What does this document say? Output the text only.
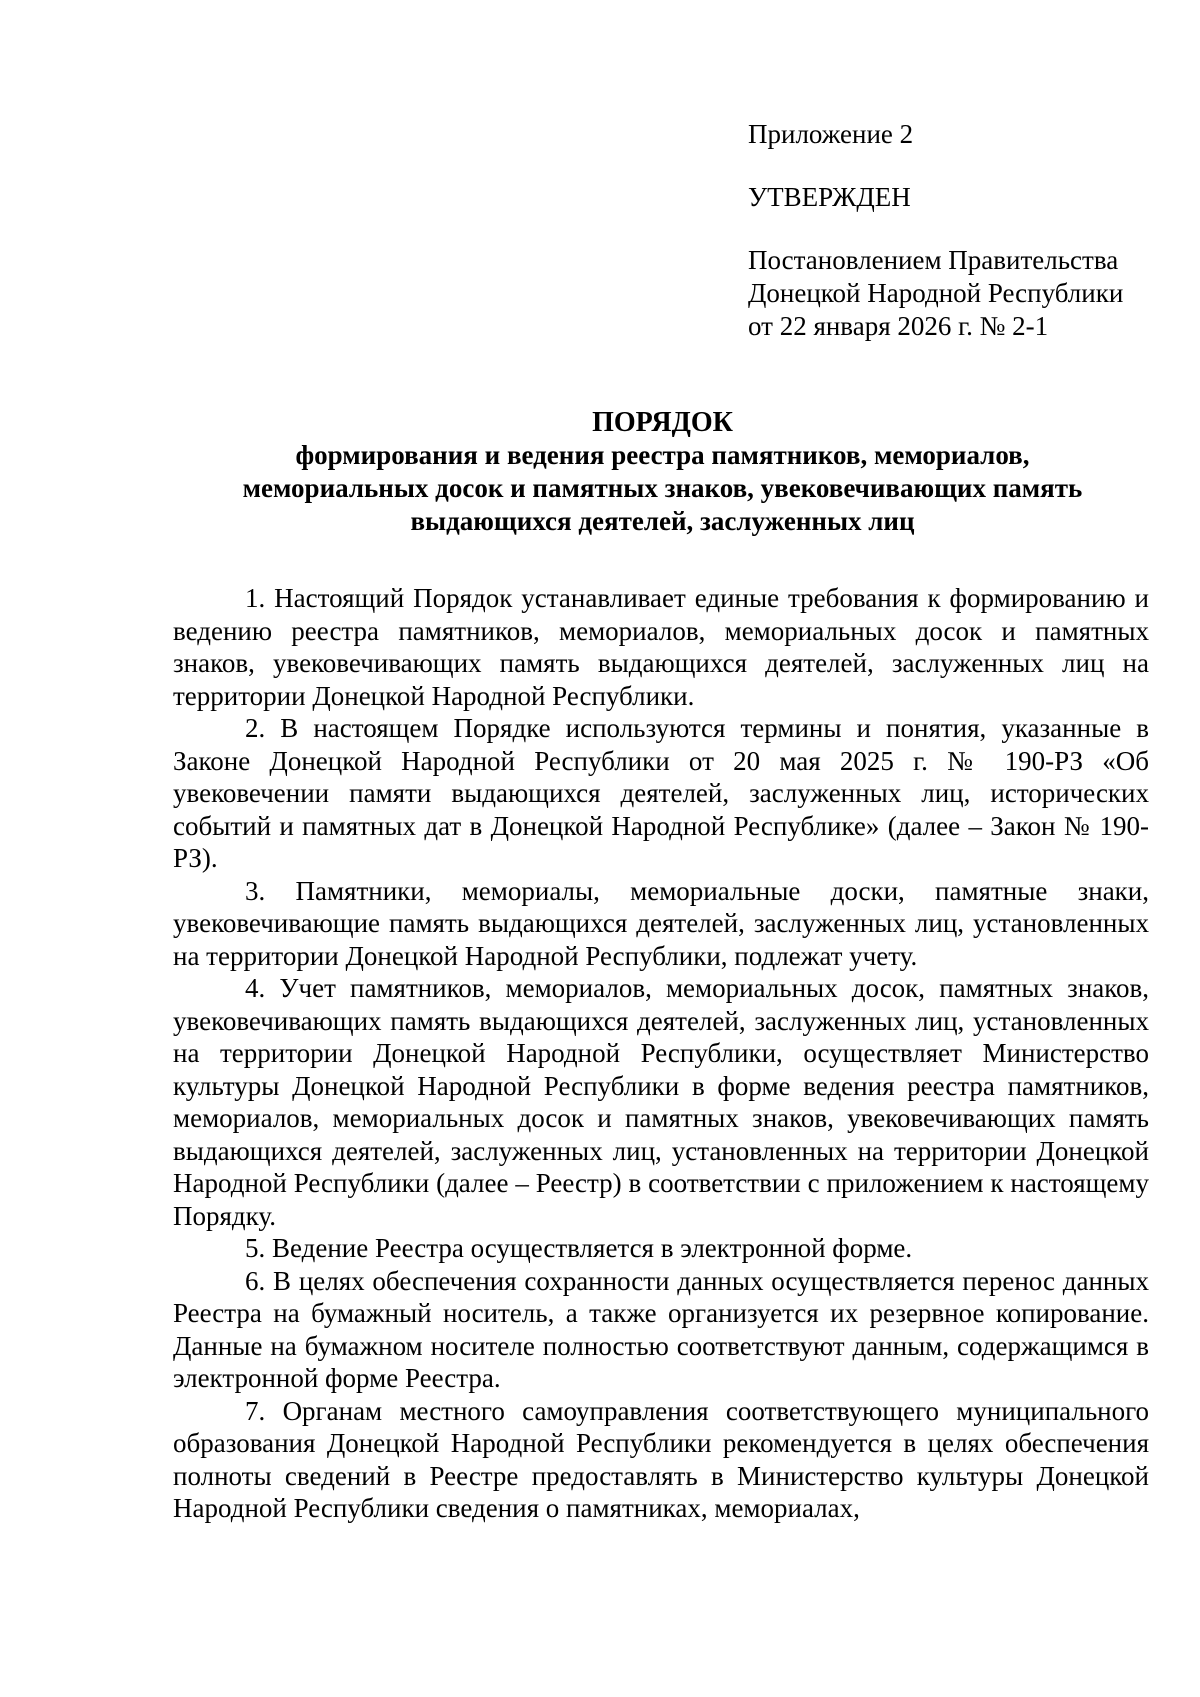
Приложение 2
УТВЕРЖДЕН
Постановлением Правительства
Донецкой Народной Республики
от 22 января 2026 г. № 2-1
ПОРЯДОК
формирования и ведения реестра памятников, мемориалов,
мемориальных досок и памятных знаков, увековечивающих память
выдающихся деятелей, заслуженных лиц

1. Настоящий Порядок устанавливает единые требования к формированию и ведению реестра памятников, мемориалов, мемориальных досок и памятных знаков, увековечивающих память выдающихся деятелей, заслуженных лиц на территории Донецкой Народной Республики.

2. В настоящем Порядке используются термины и понятия, указанные в Законе Донецкой Народной Республики от 20 мая 2025 г. № 190-РЗ «Об увековечении памяти выдающихся деятелей, заслуженных лиц, исторических событий и памятных дат в Донецкой Народной Республике» (далее – Закон № 190-РЗ).

3. Памятники, мемориалы, мемориальные доски, памятные знаки, увековечивающие память выдающихся деятелей, заслуженных лиц, установленных на территории Донецкой Народной Республики, подлежат учету.

4. Учет памятников, мемориалов, мемориальных досок, памятных знаков, увековечивающих память выдающихся деятелей, заслуженных лиц, установленных на территории Донецкой Народной Республики, осуществляет Министерство культуры Донецкой Народной Республики в форме ведения реестра памятников, мемориалов, мемориальных досок и памятных знаков, увековечивающих память выдающихся деятелей, заслуженных лиц, установленных на территории Донецкой Народной Республики (далее – Реестр) в соответствии с приложением к настоящему Порядку.

5. Ведение Реестра осуществляется в электронной форме.

6. В целях обеспечения сохранности данных осуществляется перенос данных Реестра на бумажный носитель, а также организуется их резервное копирование. Данные на бумажном носителе полностью соответствуют данным, содержащимся в электронной форме Реестра.

7. Органам местного самоуправления соответствующего муниципального образования Донецкой Народной Республики рекомендуется в целях обеспечения полноты сведений в Реестре предоставлять в Министерство культуры Донецкой Народной Республики сведения о памятниках, мемориалах,
